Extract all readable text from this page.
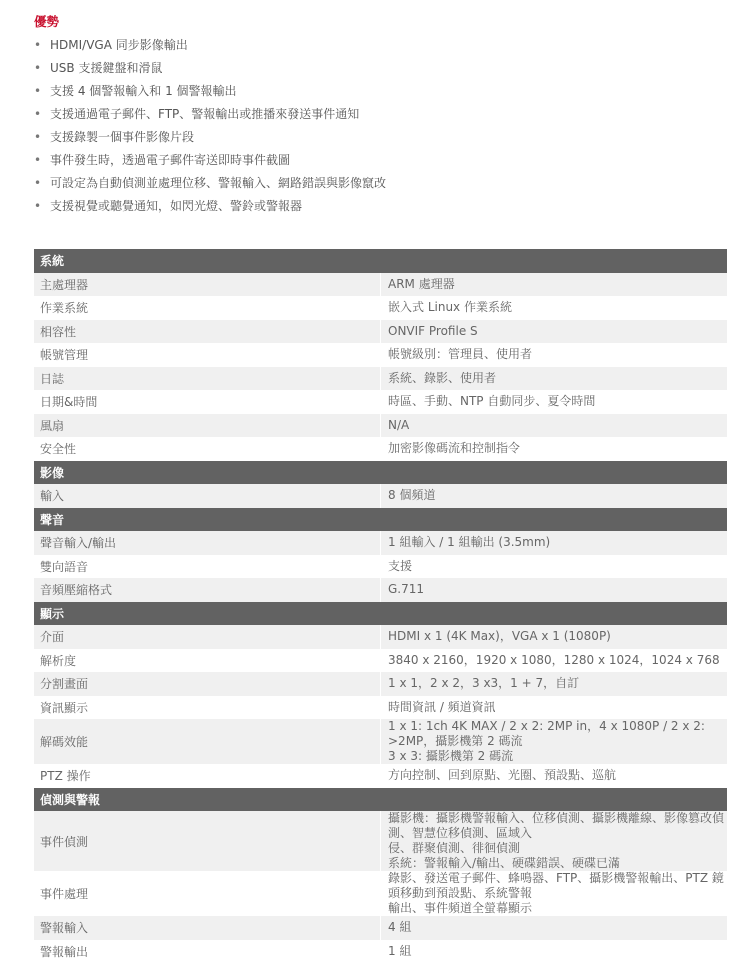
優勢
• HDMI/VGA 同步影像輸出
• USB 支援鍵盤和滑鼠
• 支援 4 個警報輸入和 1 個警報輸出
• 支援通過電子郵件、FTP、警報輸出或推播來發送事件通知
• 支援錄製一個事件影像片段
• 事件發生時，透過電子郵件寄送即時事件截圖
• 可設定為自動偵測並處理位移、警報輸入、網路錯誤與影像竄改
• 支援視覺或聽覺通知，如閃光燈、警鈴或警報器
系統	
主處理器	ARM 處理器

作業系統	嵌入式 Linux 作業系統

相容性	ONVIF Profile S

帳號管理	帳號級別：管理員、使用者

日誌	系統、錄影、使用者

日期&時間	時區、手動、NTP 自動同步、夏令時間

風扇	N/A

安全性	加密影像碼流和控制指令

影像	
輸入	8 個頻道

聲音	
聲音輸入/輸出	1 組輸入 / 1 組輸出 (3.5mm)

雙向語音	支援

音頻壓縮格式	G.711

顯示	
介面	HDMI x 1 (4K Max)，VGA x 1 (1080P)

解析度	3840 x 2160，1920 x 1080，1280 x 1024，1024 x 768

分割畫面	1 x 1，2 x 2，3 x3，1 + 7，自訂

資訊顯示	時間資訊 / 頻道資訊

解碼效能	1 x 1: 1ch 4K MAX / 2 x 2: 2MP in，4 x 1080P / 2 x 2: >2MP，攝影機第 2 碼流
3 x 3: 攝影機第 2 碼流

PTZ 操作	方向控制、回到原點、光圈、預設點、巡航

偵測與警報	
事件偵測	攝影機：攝影機警報輸入、位移偵測、攝影機離線、影像篡改偵測、智慧位移偵測、區域入
侵、群聚偵測、徘徊偵測
系統：警報輸入/輸出、硬碟錯誤、硬碟已滿

事件處理	錄影、發送電子郵件、蜂鳴器、FTP、攝影機警報輸出、PTZ 鏡頭移動到預設點、系統警報
輸出、事件頻道全螢幕顯示

警報輸入	4 組

警報輸出	1 組
